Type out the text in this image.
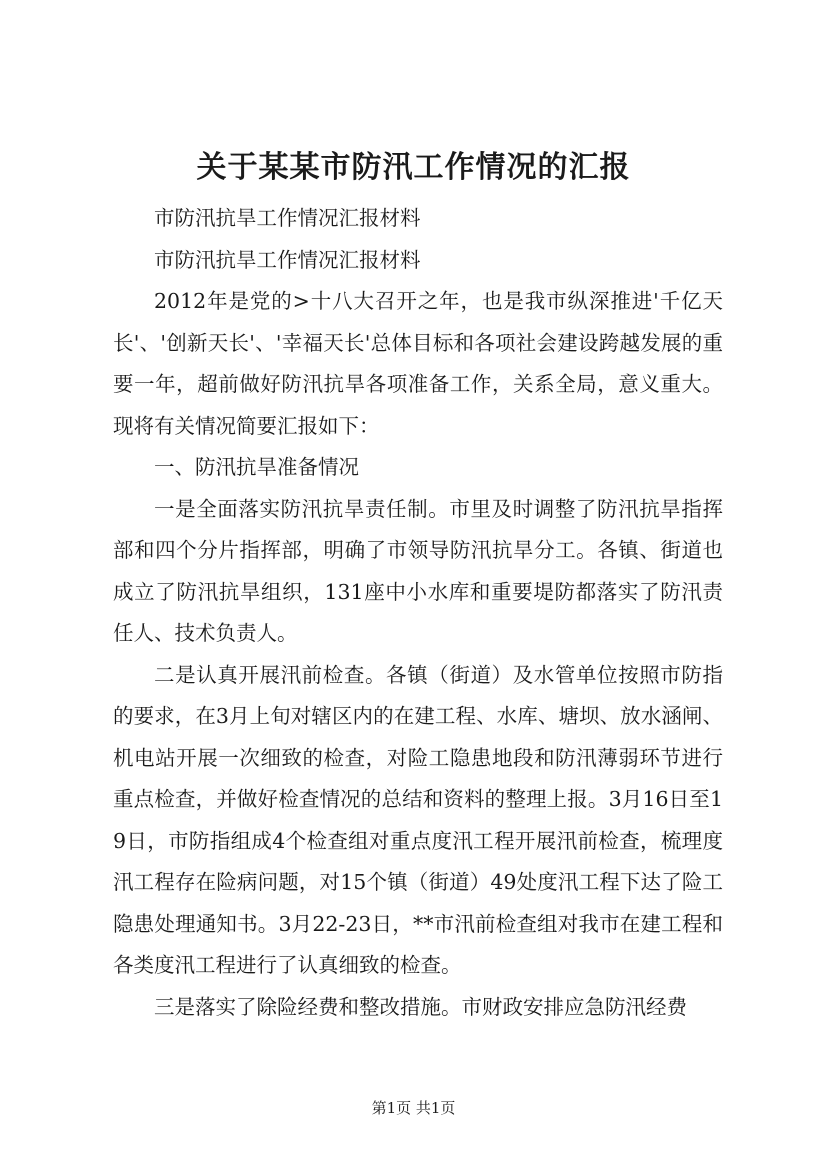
关于某某市防汛工作情况的汇报

市防汛抗旱工作情况汇报材料

市防汛抗旱工作情况汇报材料

2012年是党的>十八大召开之年，也是我市纵深推进'千亿天长'、'创新天长'、'幸福天长'总体目标和各项社会建设跨越发展的重要一年，超前做好防汛抗旱各项准备工作，关系全局，意义重大。现将有关情况简要汇报如下：

一、防汛抗旱准备情况

一是全面落实防汛抗旱责任制。市里及时调整了防汛抗旱指挥部和四个分片指挥部，明确了市领导防汛抗旱分工。各镇、街道也成立了防汛抗旱组织，131座中小水库和重要堤防都落实了防汛责任人、技术负责人。

二是认真开展汛前检查。各镇（街道）及水管单位按照市防指的要求，在3月上旬对辖区内的在建工程、水库、塘坝、放水涵闸、机电站开展一次细致的检查，对险工隐患地段和防汛薄弱环节进行重点检查，并做好检查情况的总结和资料的整理上报。3月16日至19日，市防指组成4个检查组对重点度汛工程开展汛前检查，梳理度汛工程存在险病问题，对15个镇（街道）49处度汛工程下达了险工隐患处理通知书。3月22-23日，**市汛前检查组对我市在建工程和各类度汛工程进行了认真细致的检查。

三是落实了除险经费和整改措施。市财政安排应急防汛经费

第1页 共1页
